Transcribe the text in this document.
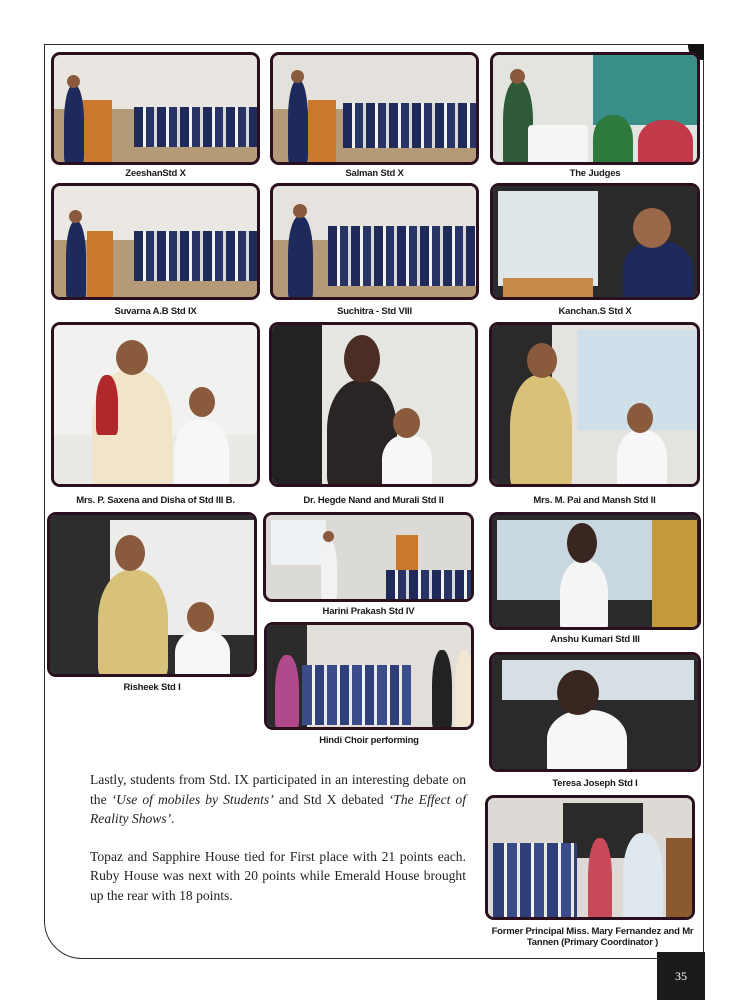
ZeeshanStd X	Salman Std X	The Judges
Suvarna A.B Std IX	Suchitra - Std VIII	Kanchan.S Std X
Mrs. P. Saxena and Disha of Std III B.	Dr. Hegde Nand and Murali Std II	Mrs. M. Pai and Mansh Std II
Risheek Std I
Harini Prakash Std IV
Hindi Choir performing
Anshu Kumari Std III
Teresa Joseph Std I
Former Principal Miss. Mary Fernandez and Mr Tannen (Primary Coordinator )

Lastly, students from Std. IX participated in an interesting debate on the ‘Use of mobiles by Students’ and Std X debated ‘The Effect of Reality Shows’.

Topaz and Sapphire House tied for First place with 21 points each. Ruby House was next with 20 points while Emerald House brought up the rear with 18 points.

35
